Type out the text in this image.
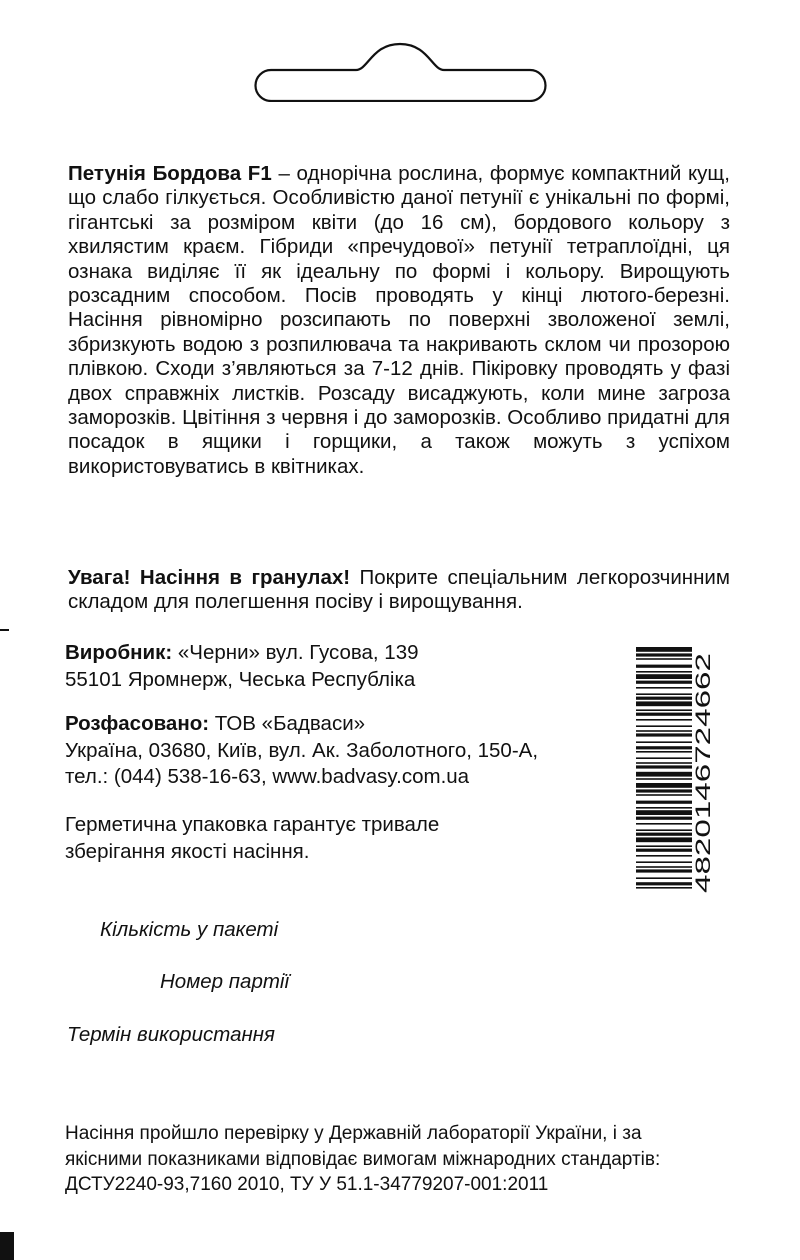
Петунія Бордова F1 – однорічна рослина, формує компактний кущ, що слабо гілкується. Особливістю даної петунії є унікальні по формі, гігантські за розміром квіти (до 16 см), бордового кольору з хвилястим краєм. Гібриди «пречудової» петунії тетраплоїдні, ця ознака виділяє її як ідеальну по формі і кольору. Вирощують розсадним способом. Посів проводять у кінці лютого-березні. Насіння рівномірно розсипають по поверхні зволоженої землі, збризкують водою з розпилювача та накривають склом чи прозорою плівкою. Сходи з’являються за 7-12 днів. Пікіровку проводять у фазі двох справжніх листків. Розсаду висаджують, коли мине загроза заморозків. Цвітіння з червня і до заморозків. Особливо придатні для посадок в ящики і горщики, а також можуть з успіхом використовуватись в квітниках.

Увага! Насіння в гранулах! Покрите спеціальним легкорозчинним складом для полегшення посіву і вирощування.

Виробник: «Черни» вул. Гусова, 139
55101 Яромнерж, Чеська Республіка
Розфасовано: ТОВ «Бадваси»
Україна, 03680, Київ, вул. Ак. Заболотного, 150-А,
тел.: (044) 538-16-63, www.badvasy.com.ua
Герметична упаковка гарантує тривале
зберігання якості насіння.	4820146724662
Кількість у пакеті
Номер партії
Термін використання
Насіння пройшло перевірку у Державній лабораторії України, і за
якісними показниками відповідає вимогам міжнародних стандартів:
ДСТУ2240-93,7160 2010, ТУ У 51.1-34779207-001:2011
